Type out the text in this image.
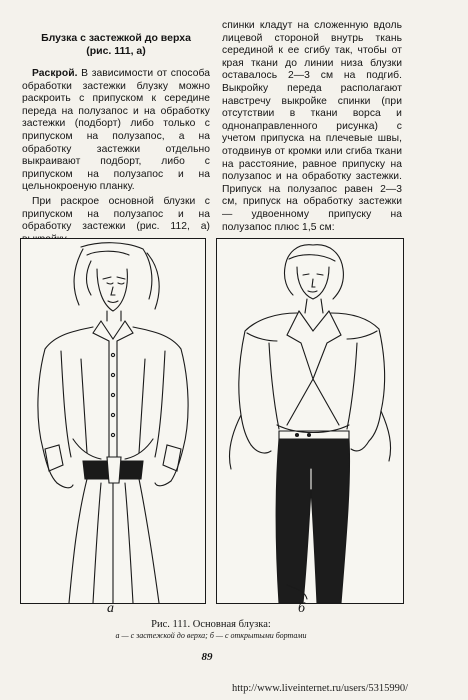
Блузка с застежкой до верха
(рис. 111, а)

Раскрой. В зависимости от способа обработки застежки блузку можно раскроить с припуском к середине переда на полузапос и на обработку застежки (подборт) либо только с припуском на полузапос, а на обработку застежки отдельно выкраивают подборт, либо с припуском на полузапос и на цельнокроеную планку.

При раскрое основной блузки с припуском на полузапос и на обработку застежки (рис. 112, а)

спинки кладут на сложенную вдоль лицевой стороной внутрь ткань серединой к ее сгибу так, чтобы от края ткани до линии низа блузки оставалось 2—3 см на подгиб. Выкройку переда располагают навстречу выкройке спинки (при отсутствии в ткани ворса и однонаправленного рисунка) с учетом припуска на плечевые швы, отодвинув от кромки или сгиба ткани на расстояние, равное припуску на полузапос и на обработку застежки. Припуск на полузапос равен 2—3 см, припуск на обработку застежки — удвоенному припуску на полузапос плюс 1,5 см:

а	б
Рис. 111. Основная блузка:
а — с застежкой до верха; б — с открытыми бортами
89
http://www.liveinternet.ru/users/5315990/
